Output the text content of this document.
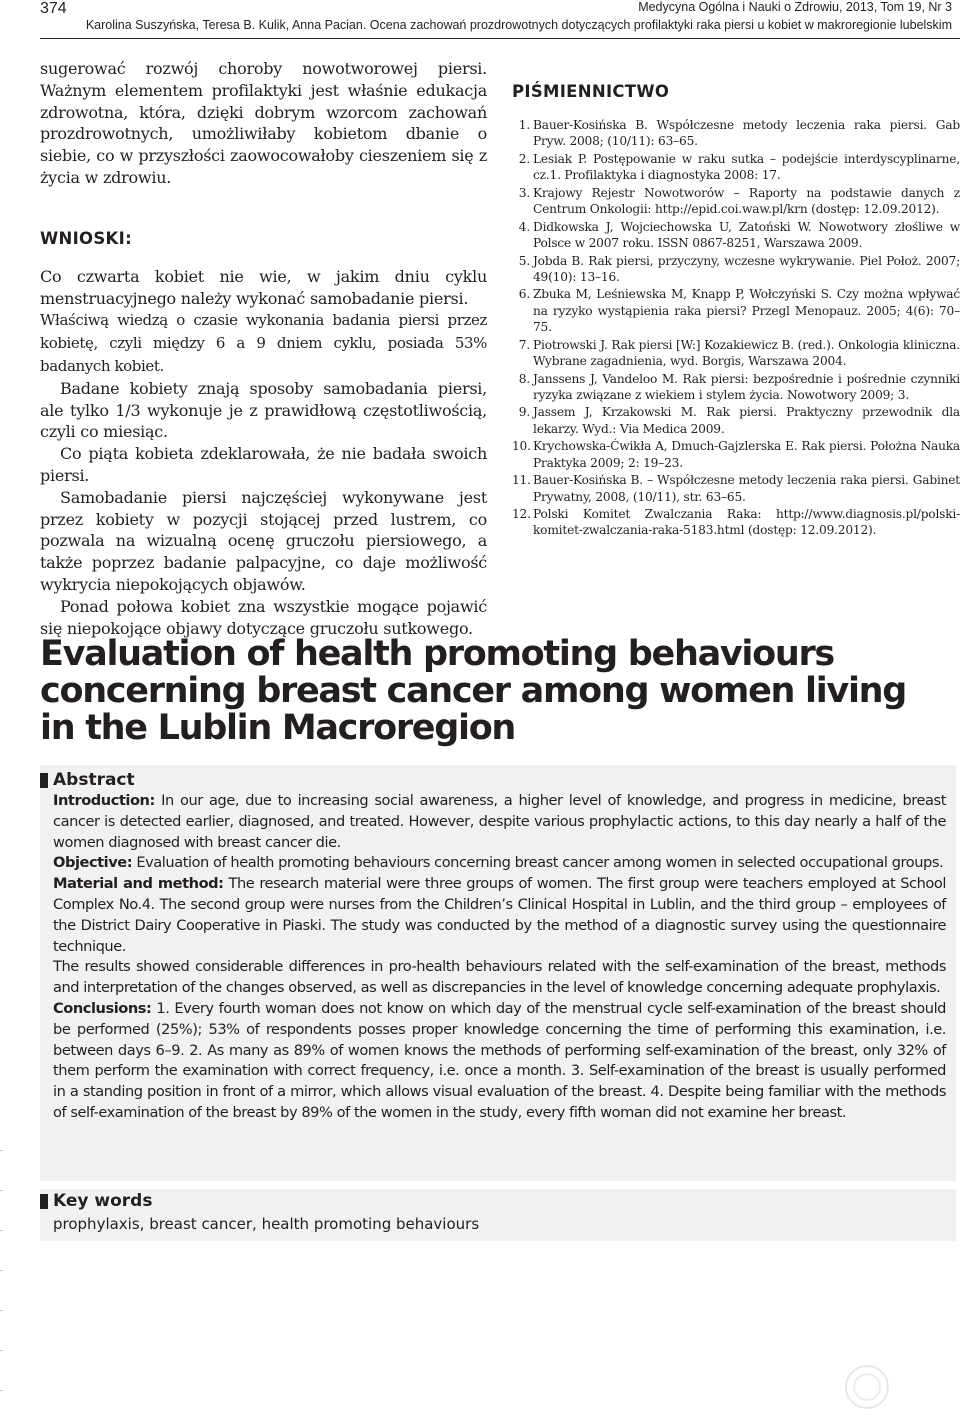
374	Medycyna Ogólna i Nauki o Zdrowiu, 2013, Tom 19, Nr 3
Karolina Suszyńska, Teresa B. Kulik, Anna Pacian. Ocena zachowań prozdrowotnych dotyczących profilaktyki raka piersi u kobiet w makroregionie lubelskim

sugerować rozwój choroby nowotworowej piersi. Ważnym elementem profilaktyki jest właśnie edukacja zdrowotna, która, dzięki dobrym wzorcom zachowań prozdrowotnych, umożliwiłaby kobietom dbanie o siebie, co w przyszłości zaowocowałoby cieszeniem się z życia w zdrowiu.

WNIOSKI:

Co czwarta kobiet nie wie, w jakim dniu cyklu menstruacyjnego należy wykonać samobadanie piersi.
Właściwą wiedzą o czasie wykonania badania piersi przez kobietę, czyli między 6 a 9 dniem cyklu, posiada 53% badanych kobiet.

Badane kobiety znają sposoby samobadania piersi, ale tylko 1/3 wykonuje je z prawidłową częstotliwością, czyli co miesiąc.

Co piąta kobieta zdeklarowała, że nie badała swoich piersi.

Samobadanie piersi najczęściej wykonywane jest przez kobiety w pozycji stojącej przed lustrem, co pozwala na wizualną ocenę gruczołu piersiowego, a także poprzez badanie palpacyjne, co daje możliwość wykrycia niepokojących objawów.

Ponad połowa kobiet zna wszystkie mogące pojawić się niepokojące objawy dotyczące gruczołu sutkowego.

PIŚMIENNICTWO
1. Bauer-Kosińska B. Współczesne metody leczenia raka piersi. Gab Pryw. 2008; (10/11): 63–65.
2. Lesiak P. Postępowanie w raku sutka – podejście interdyscyplinarne, cz.1. Profilaktyka i diagnostyka 2008: 17.
3. Krajowy Rejestr Nowotworów – Raporty na podstawie danych z Centrum Onkologii: http://epid.coi.waw.pl/krn (dostęp: 12.09.2012).
4. Didkowska J, Wojciechowska U, Zatoński W. Nowotwory złośliwe w Polsce w 2007 roku. ISSN 0867-8251, Warszawa 2009.
5. Jobda B. Rak piersi, przyczyny, wczesne wykrywanie. Piel Położ. 2007; 49(10): 13–16.
6. Zbuka M, Leśniewska M, Knapp P, Wołczyński S. Czy można wpływać na ryzyko wystąpienia raka piersi? Przegl Menopauz. 2005; 4(6): 70–75.
7. Piotrowski J. Rak piersi [W:] Kozakiewicz B. (red.). Onkologia kliniczna. Wybrane zagadnienia, wyd. Borgis, Warszawa 2004.
8. Janssens J, Vandeloo M. Rak piersi: bezpośrednie i pośrednie czynniki ryzyka związane z wiekiem i stylem życia. Nowotwory 2009; 3.
9. Jassem J, Krzakowski M. Rak piersi. Praktyczny przewodnik dla lekarzy. Wyd.: Via Medica 2009.
10. Krychowska-Ćwikła A, Dmuch-Gajzlerska E. Rak piersi. Położna Nauka Praktyka 2009; 2: 19–23.
11. Bauer-Kosińska B. – Współczesne metody leczenia raka piersi. Gabinet Prywatny, 2008, (10/11), str. 63–65.
12. Polski Komitet Zwalczania Raka: http://www.diagnosis.pl/polski-komitet-zwalczania-raka-5183.html (dostęp: 12.09.2012).
Evaluation of health promoting behaviours concerning breast cancer among women living in the Lublin Macroregion
Abstract

Introduction: In our age, due to increasing social awareness, a higher level of knowledge, and progress in medicine, breast cancer is detected earlier, diagnosed, and treated. However, despite various prophylactic actions, to this day nearly a half of the women diagnosed with breast cancer die.

Objective: Evaluation of health promoting behaviours concerning breast cancer among women in selected occupational groups.

Material and method: The research material were three groups of women. The first group were teachers employed at School Complex No.4. The second group were nurses from the Children’s Clinical Hospital in Lublin, and the third group – employees of the District Dairy Cooperative in Piaski. The study was conducted by the method of a diagnostic survey using the questionnaire technique.

The results showed considerable differences in pro-health behaviours related with the self-examination of the breast, methods and interpretation of the changes observed, as well as discrepancies in the level of knowledge concerning adequate prophylaxis.

Conclusions: 1. Every fourth woman does not know on which day of the menstrual cycle self-examination of the breast should be performed (25%); 53% of respondents posses proper knowledge concerning the time of performing this examination, i.e. between days 6–9. 2. As many as 89% of women knows the methods of performing self-examination of the breast, only 32% of them perform the examination with correct frequency, i.e. once a month. 3. Self-examination of the breast is usually performed in a standing position in front of a mirror, which allows visual evaluation of the breast. 4. Despite being familiar with the methods of self-examination of the breast by 89% of the women in the study, every fifth woman did not examine her breast.

Key words
prophylaxis, breast cancer, health promoting behaviours
